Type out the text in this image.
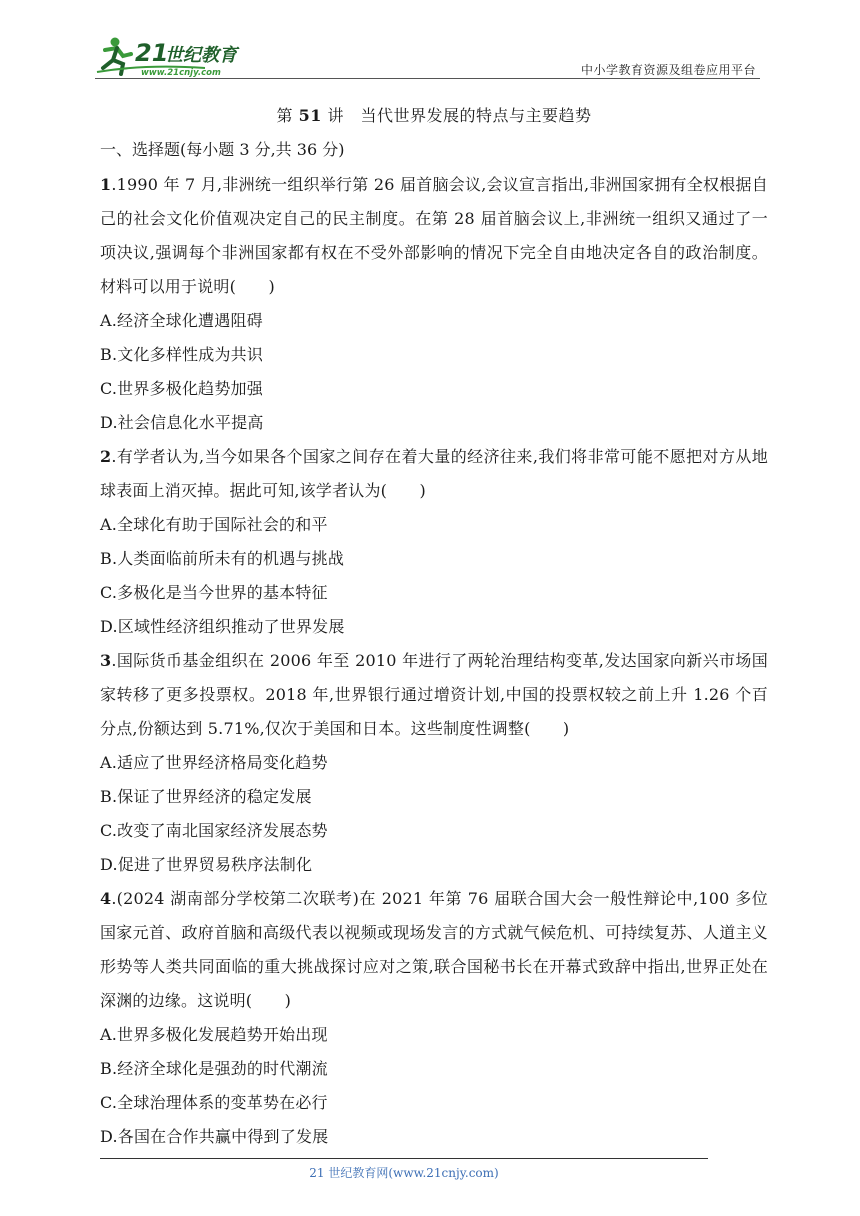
21
世纪教育
www.21cnjy.com	中小学教育资源及组卷应用平台
第 51 讲　当代世界发展的特点与主要趋势
一、选择题(每小题 3 分,共 36 分)

1.1990 年 7 月,非洲统一组织举行第 26 届首脑会议,会议宣言指出,非洲国家拥有全权根据自己的社会文化价值观决定自己的民主制度。在第 28 届首脑会议上,非洲统一组织又通过了一项决议,强调每个非洲国家都有权在不受外部影响的情况下完全自由地决定各自的政治制度。材料可以用于说明(　　)

A.经济全球化遭遇阻碍

B.文化多样性成为共识

C.世界多极化趋势加强

D.社会信息化水平提高

2.有学者认为,当今如果各个国家之间存在着大量的经济往来,我们将非常可能不愿把对方从地球表面上消灭掉。据此可知,该学者认为(　　)

A.全球化有助于国际社会的和平

B.人类面临前所未有的机遇与挑战

C.多极化是当今世界的基本特征

D.区域性经济组织推动了世界发展

3.国际货币基金组织在 2006 年至 2010 年进行了两轮治理结构变革,发达国家向新兴市场国家转移了更多投票权。2018 年,世界银行通过增资计划,中国的投票权较之前上升 1.26 个百分点,份额达到 5.71%,仅次于美国和日本。这些制度性调整(　　)

A.适应了世界经济格局变化趋势

B.保证了世界经济的稳定发展

C.改变了南北国家经济发展态势

D.促进了世界贸易秩序法制化

4.(2024 湖南部分学校第二次联考)在 2021 年第 76 届联合国大会一般性辩论中,100 多位国家元首、政府首脑和高级代表以视频或现场发言的方式就气候危机、可持续复苏、人道主义形势等人类共同面临的重大挑战探讨应对之策,联合国秘书长在开幕式致辞中指出,世界正处在深渊的边缘。这说明(　　)

A.世界多极化发展趋势开始出现

B.经济全球化是强劲的时代潮流

C.全球治理体系的变革势在必行

D.各国在合作共赢中得到了发展

21 世纪教育网(www.21cnjy.com)
